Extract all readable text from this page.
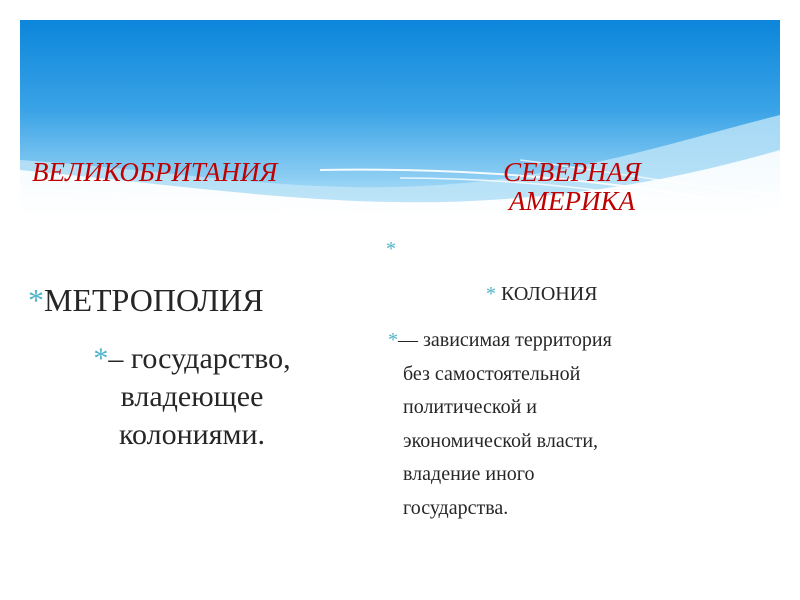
ВЕЛИКОБРИТАНИЯ	СЕВЕРНАЯ
АМЕРИКА
*МЕТРОПОЛИЯ
*– государство,
владеющее
колониями.
*
* КОЛОНИЯ
*— зависимая территория
без самостоятельной
политической и
экономической власти,
владение иного
государства.
